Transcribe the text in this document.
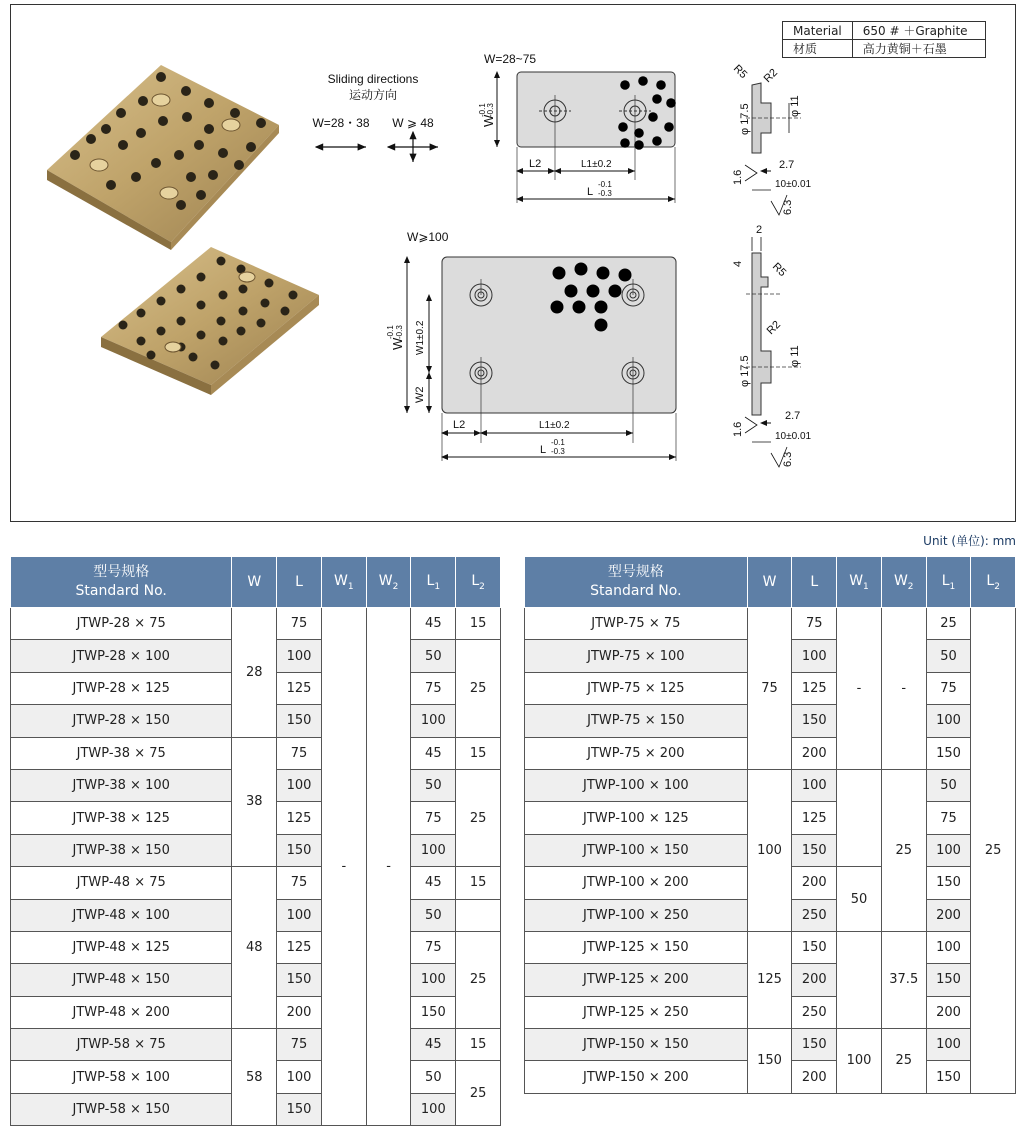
Sliding directions
运动方向
W=28・38 W ⩾ 48
W=28~75
W
-0.1 -0.3
L2	L1±0.2
L
-0.1
-0.3
R5 R2
φ 17.5	φ 11
2.7
10±0.01
1.6
6.3
W⩾100
W
-0.1 -0.3 W1±0.2
W2
L2	L1±0.2
L
-0.1
-0.3
2
4 R5
R2
φ 17.5	φ 11
2.7
10±0.01
1.6
6.3
Material	650 # ＋Graphite
材质	高力黄铜＋石墨
Unit (单位): mm
型号规格
Standard No.	W	L	$W_1$	$W_2$	$L_1$	$L_2$
JTWP-28 × 75	28	75	-	-	45	15
JTWP-28 × 100		100			50	25
JTWP-28 × 125		125			75	
JTWP-28 × 150		150			100	
JTWP-38 × 75	38	75			45	15
JTWP-38 × 100		100			50	25
JTWP-38 × 125		125			75	
JTWP-38 × 150		150			100	
JTWP-48 × 75	48	75			45	15
JTWP-48 × 100		100			50	
JTWP-48 × 125		125			75	25
JTWP-48 × 150		150			100	
JTWP-48 × 200		200			150	
JTWP-58 × 75	58	75			45	15
JTWP-58 × 100		100			50	25
JTWP-58 × 150		150			100	
型号规格
Standard No.	W	L	$W_1$	$W_2$	$L_1$	$L_2$
JTWP-75 × 75	75	75	-	-	25	25
JTWP-75 × 100		100			50	
JTWP-75 × 125		125			75	
JTWP-75 × 150		150			100	
JTWP-75 × 200		200			150	
JTWP-100 × 100	100	100		25	50	
JTWP-100 × 125		125			75	
JTWP-100 × 150		150			100	
JTWP-100 × 200		200	50		150	
JTWP-100 × 250		250			200	
JTWP-125 × 150	125	150		37.5	100	
JTWP-125 × 200		200			150	
JTWP-125 × 250		250			200	
JTWP-150 × 150	150	150	100	25	100	
JTWP-150 × 200		200			150	
